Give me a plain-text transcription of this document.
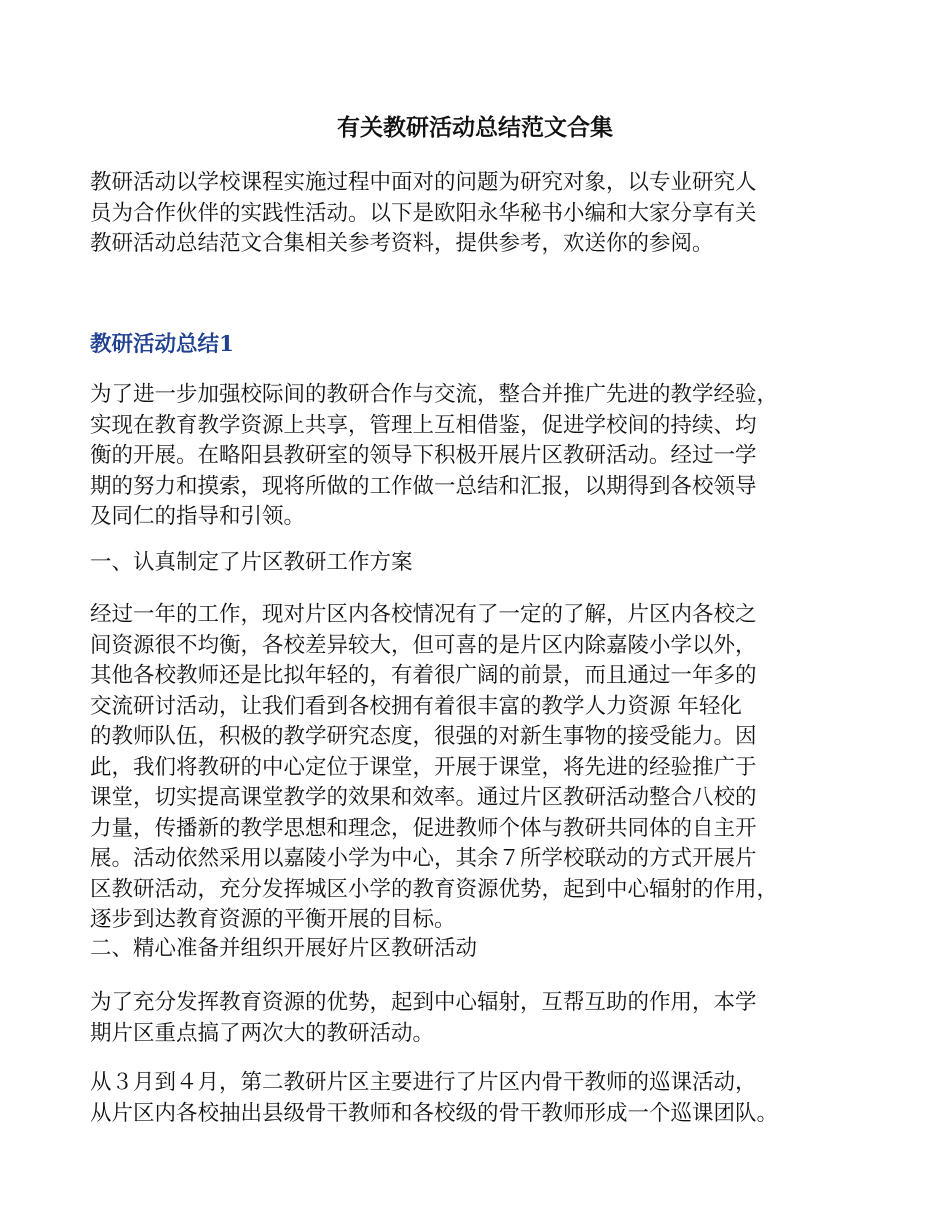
有关教研活动总结范文合集

教研活动以学校课程实施过程中面对的问题为研究对象，以专业研究人
员为合作伙伴的实践性活动。以下是欧阳永华秘书小编和大家分享有关
教研活动总结范文合集相关参考资料，提供参考，欢送你的参阅。

教研活动总结1

为了进一步加强校际间的教研合作与交流，整合并推广先进的教学经验，
实现在教育教学资源上共享，管理上互相借鉴，促进学校间的持续、均
衡的开展。在略阳县教研室的领导下积极开展片区教研活动。经过一学
期的努力和摸索，现将所做的工作做一总结和汇报，以期得到各校领导
及同仁的指导和引领。

一、认真制定了片区教研工作方案

经过一年的工作，现对片区内各校情况有了一定的了解，片区内各校之
间资源很不均衡，各校差异较大，但可喜的是片区内除嘉陵小学以外，
其他各校教师还是比拟年轻的，有着很广阔的前景，而且通过一年多的
交流研讨活动，让我们看到各校拥有着很丰富的教学人力资源 年轻化
的教师队伍，积极的教学研究态度，很强的对新生事物的接受能力。因
此，我们将教研的中心定位于课堂，开展于课堂，将先进的经验推广于
课堂，切实提高课堂教学的效果和效率。通过片区教研活动整合八校的
力量，传播新的教学思想和理念，促进教师个体与教研共同体的自主开
展。活动依然采用以嘉陵小学为中心，其余７所学校联动的方式开展片
区教研活动，充分发挥城区小学的教育资源优势，起到中心辐射的作用，
逐步到达教育资源的平衡开展的目标。

二、精心准备并组织开展好片区教研活动

为了充分发挥教育资源的优势，起到中心辐射，互帮互助的作用，本学
期片区重点搞了两次大的教研活动。

从３月到４月，第二教研片区主要进行了片区内骨干教师的巡课活动，
从片区内各校抽出县级骨干教师和各校级的骨干教师形成一个巡课团队。
